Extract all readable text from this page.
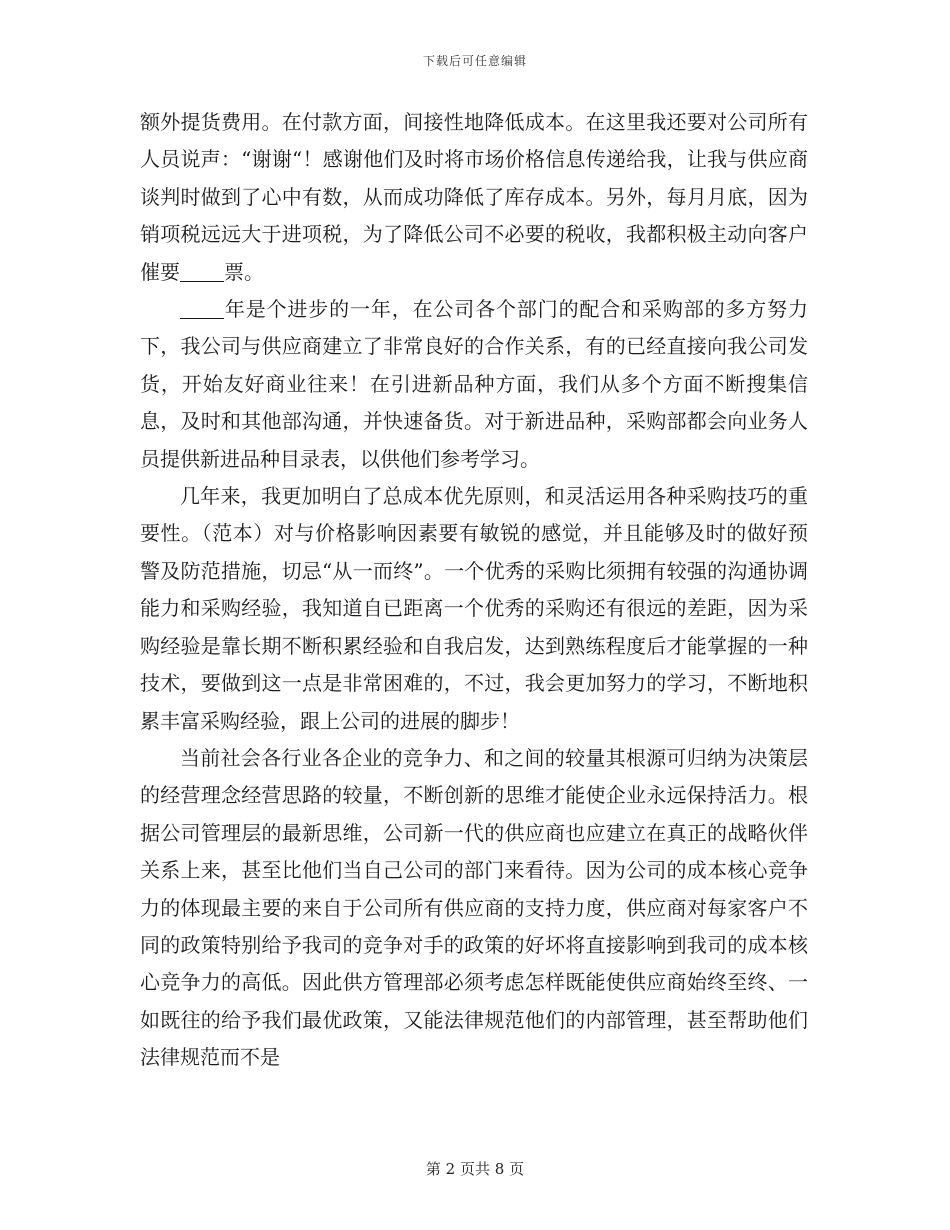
下载后可任意编辑

额外提货费用。在付款方面，间接性地降低成本。在这里我还要对公司所有人员说声：“谢谢“！感谢他们及时将市场价格信息传递给我，让我与供应商谈判时做到了心中有数，从而成功降低了库存成本。另外，每月月底，因为销项税远远大于进项税，为了降低公司不必要的税收，我都积极主动向客户催要 票。

年是个进步的一年，在公司各个部门的配合和采购部的多方努力下，我公司与供应商建立了非常良好的合作关系，有的已经直接向我公司发货，开始友好商业往来！在引进新品种方面，我们从多个方面不断搜集信息，及时和其他部沟通，并快速备货。对于新进品种，采购部都会向业务人员提供新进品种目录表，以供他们参考学习。

几年来，我更加明白了总成本优先原则，和灵活运用各种采购技巧的重要性。（范本）对与价格影响因素要有敏锐的感觉，并且能够及时的做好预警及防范措施，切忌“从一而终”。一个优秀的采购比须拥有较强的沟通协调能力和采购经验，我知道自已距离一个优秀的采购还有很远的差距，因为采购经验是靠长期不断积累经验和自我启发，达到熟练程度后才能掌握的一种技术，要做到这一点是非常困难的，不过，我会更加努力的学习，不断地积累丰富采购经验，跟上公司的进展的脚步！

当前社会各行业各企业的竞争力、和之间的较量其根源可归纳为决策层的经营理念经营思路的较量，不断创新的思维才能使企业永远保持活力。根据公司管理层的最新思维，公司新一代的供应商也应建立在真正的战略伙伴关系上来，甚至比他们当自己公司的部门来看待。因为公司的成本核心竞争力的体现最主要的来自于公司所有供应商的支持力度，供应商对每家客户不同的政策特别给予我司的竞争对手的政策的好坏将直接影响到我司的成本核心竞争力的高低。因此供方管理部必须考虑怎样既能使供应商始终至终、一如既往的给予我们最优政策，又能法律规范他们的内部管理，甚至帮助他们法律规范而不是

第 2 页共 8 页
